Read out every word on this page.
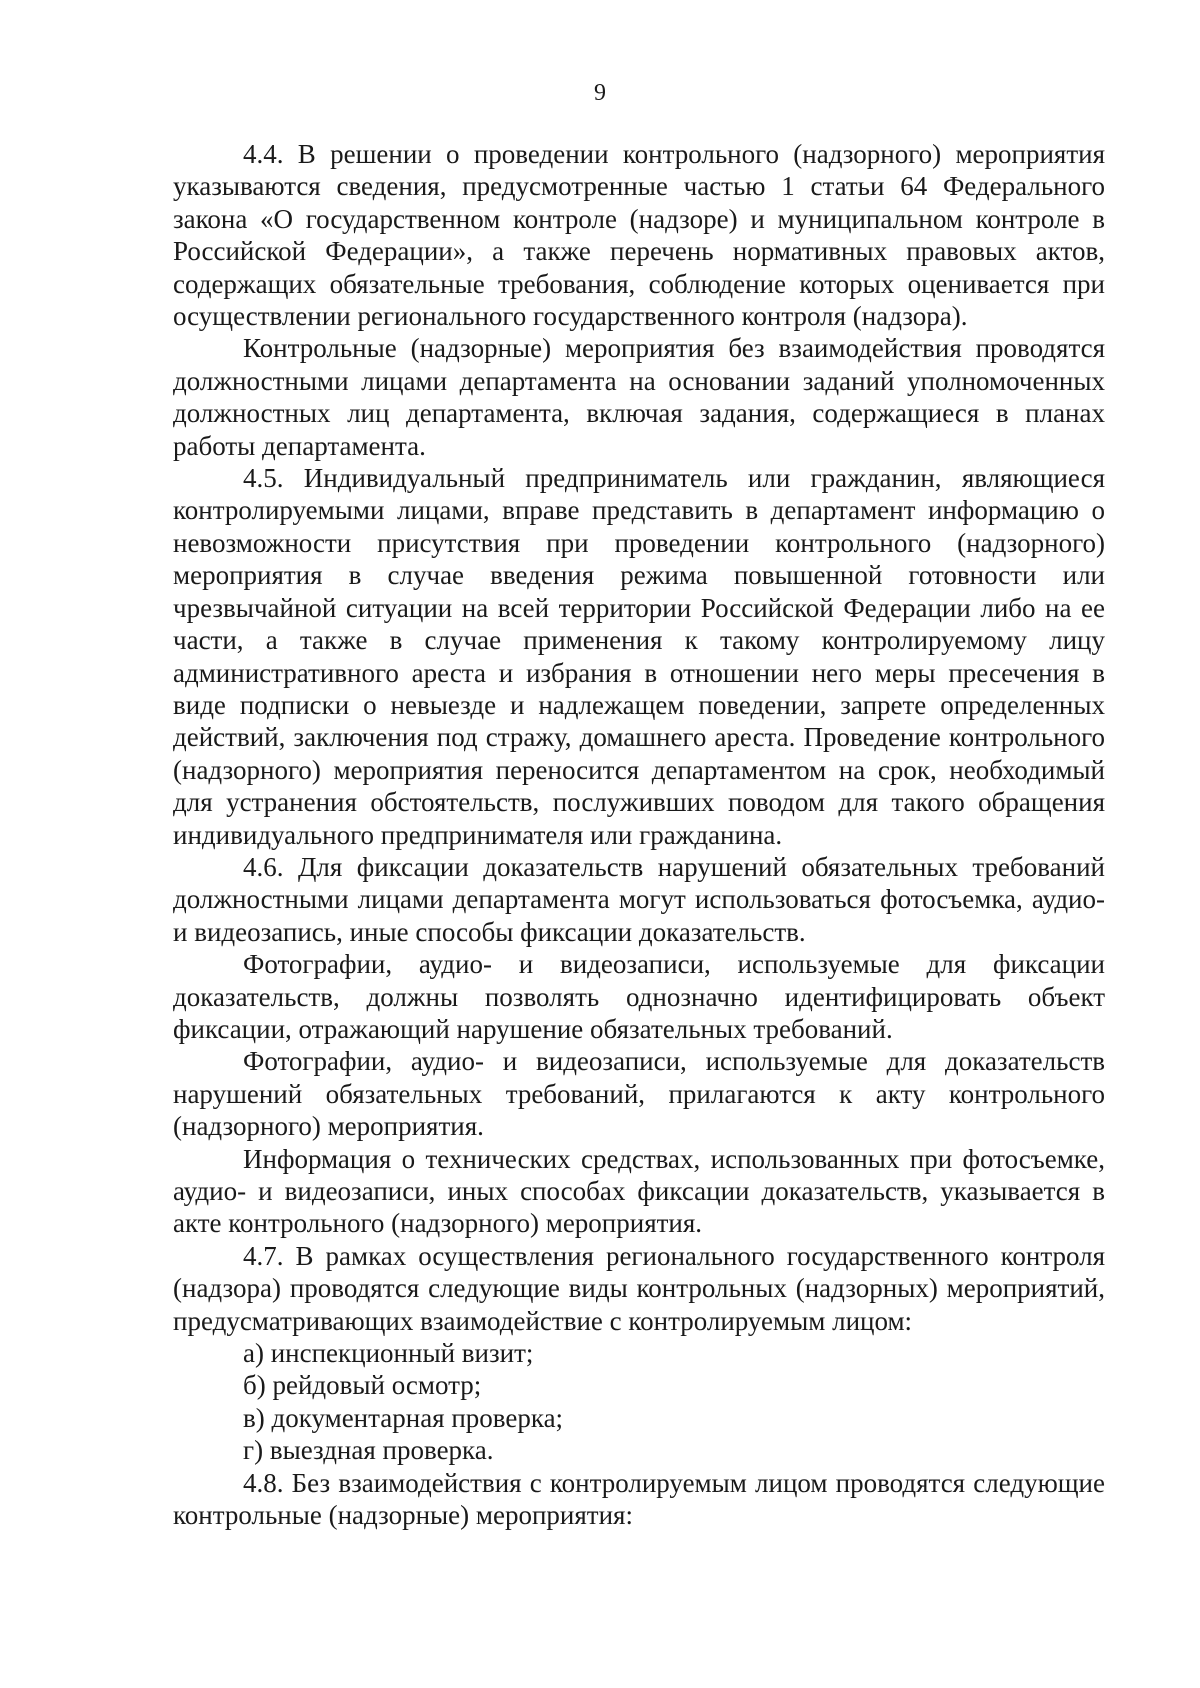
9

4.4. В решении о проведении контрольного (надзорного) мероприятия указываются сведения, предусмотренные частью 1 статьи 64 Федерального закона «О государственном контроле (надзоре) и муниципальном контроле в Российской Федерации», а также перечень нормативных правовых актов, содержащих обязательные требования, соблюдение которых оценивается при осуществлении регионального государственного контроля (надзора).

Контрольные (надзорные) мероприятия без взаимодействия проводятся должностными лицами департамента на основании заданий уполномоченных должностных лиц департамента, включая задания, содержащиеся в планах работы департамента.

4.5. Индивидуальный предприниматель или гражданин, являющиеся контролируемыми лицами, вправе представить в департамент информацию о невозможности присутствия при проведении контрольного (надзорного) мероприятия в случае введения режима повышенной готовности или чрезвычайной ситуации на всей территории Российской Федерации либо на ее части, а также в случае применения к такому контролируемому лицу административного ареста и избрания в отношении него меры пресечения в виде подписки о невыезде и надлежащем поведении, запрете определенных действий, заключения под стражу, домашнего ареста. Проведение контрольного (надзорного) мероприятия переносится департаментом на срок, необходимый для устранения обстоятельств, послуживших поводом для такого обращения индивидуального предпринимателя или гражданина.

4.6. Для фиксации доказательств нарушений обязательных требований должностными лицами департамента могут использоваться фотосъемка, аудио- и видеозапись, иные способы фиксации доказательств.

Фотографии, аудио- и видеозаписи, используемые для фиксации доказательств, должны позволять однозначно идентифицировать объект фиксации, отражающий нарушение обязательных требований.

Фотографии, аудио- и видеозаписи, используемые для доказательств нарушений обязательных требований, прилагаются к акту контрольного (надзорного) мероприятия.

Информация о технических средствах, использованных при фотосъемке, аудио- и видеозаписи, иных способах фиксации доказательств, указывается в акте контрольного (надзорного) мероприятия.

4.7. В рамках осуществления регионального государственного контроля (надзора) проводятся следующие виды контрольных (надзорных) мероприятий, предусматривающих взаимодействие с контролируемым лицом:

а) инспекционный визит;

б) рейдовый осмотр;

в) документарная проверка;

г) выездная проверка.

4.8. Без взаимодействия с контролируемым лицом проводятся следующие контрольные (надзорные) мероприятия:
